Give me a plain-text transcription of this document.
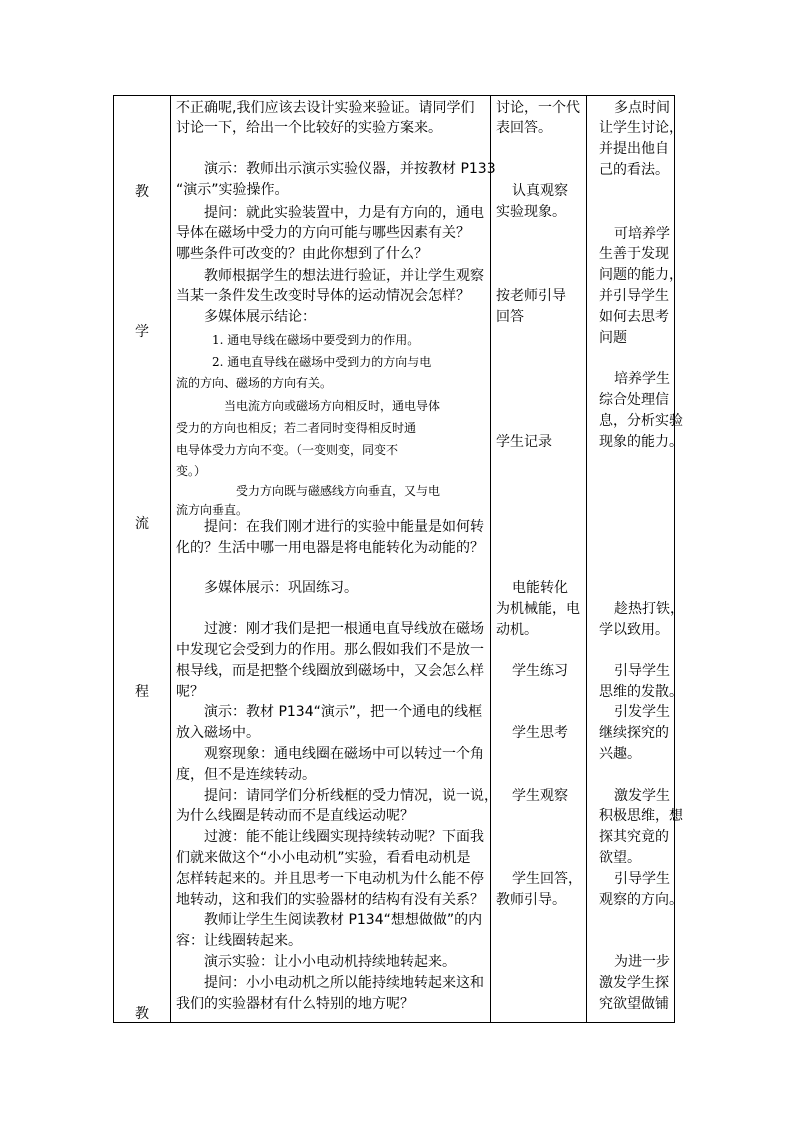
教
学
流
程
教
不正确呢,我们应该去设计实验来验证。请同学们
讨论一下，给出一个比较好的实验方案来。
　　演示：教师出示演示实验仪器，并按教材 P133
“演示”实验操作。
　　提问：就此实验装置中，力是有方向的，通电
导体在磁场中受力的方向可能与哪些因素有关？
哪些条件可改变的？由此你想到了什么？
　　教师根据学生的想法进行验证，并让学生观察
当某一条件发生改变时导体的运动情况会怎样？
　　多媒体展示结论：
　　　1. 通电导线在磁场中要受到力的作用。
　　　2. 通电直导线在磁场中受到力的方向与电
流的方向、磁场的方向有关。
　　　　当电流方向或磁场方向相反时，通电导体
受力的方向也相反；若二者同时变得相反时通
电导体受力方向不变。（一变则变，同变不
变。）
　　　　　受力方向既与磁感线方向垂直，又与电
流方向垂直。
　　提问：在我们刚才进行的实验中能量是如何转
化的？生活中哪一用电器是将电能转化为动能的？
　　多媒体展示：巩固练习。
　　过渡：刚才我们是把一根通电直导线放在磁场
中发现它会受到力的作用。那么假如我们不是放一
根导线，而是把整个线圈放到磁场中，又会怎么样
呢？
　　演示：教材 P134“演示”，把一个通电的线框
放入磁场中。
　　观察现象：通电线圈在磁场中可以转过一个角
度，但不是连续转动。
　　提问：请同学们分析线框的受力情况，说一说，
为什么线圈是转动而不是直线运动呢？
　　过渡：能不能让线圈实现持续转动呢？下面我
们就来做这个“小小电动机”实验，看看电动机是
怎样转起来的。并且思考一下电动机为什么能不停
地转动，这和我们的实验器材的结构有没有关系？
　　教师让学生生阅读教材 P134“想想做做”的内
容：让线圈转起来。
　　演示实验：让小小电动机持续地转起来。
　　提问：小小电动机之所以能持续地转起来这和
我们的实验器材有什么特别的地方呢？
讨论，一个代
表回答。
认真观察
实验现象。
按老师引导
回答
学生记录
电能转化
为机械能，电
动机。
学生练习
学生思考
学生观察
学生回答，
教师引导。
多点时间
让学生讨论，
并提出他自
己的看法。
可培养学
生善于发现
问题的能力，
并引导学生
如何去思考
问题
培养学生
综合处理信
息，分析实验
现象的能力。
趁热打铁，
学以致用。
引导学生
思维的发散。
引发学生
继续探究的
兴趣。
激发学生
积极思维，想
探其究竟的
欲望。
引导学生
观察的方向。
为进一步
激发学生探
究欲望做铺
